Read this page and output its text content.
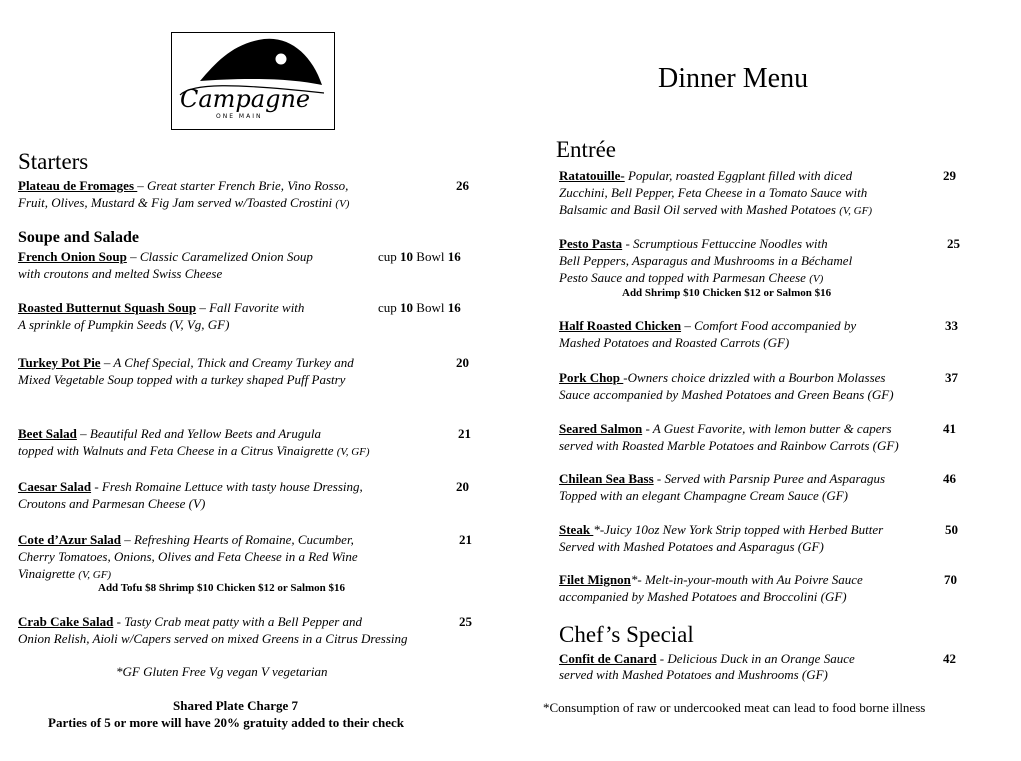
Campagne
ONE MAIN
Dinner Menu
Starters
Plateau de Fromages – Great starter French Brie, Vino Rosso,
Fruit, Olives, Mustard & Fig Jam served w/Toasted Crostini (V)
26
Soupe and Salade
French Onion Soup – Classic Caramelized Onion Soup
with croutons and melted Swiss Cheese
cup 10 Bowl 16
Roasted Butternut Squash Soup – Fall Favorite with
A sprinkle of Pumpkin Seeds (V, Vg, GF)
cup 10 Bowl 16
Turkey Pot Pie – A Chef Special, Thick and Creamy Turkey and
Mixed Vegetable Soup topped with a turkey shaped Puff Pastry
20
Beet Salad – Beautiful Red and Yellow Beets and Arugula
topped with Walnuts and Feta Cheese in a Citrus Vinaigrette (V, GF)
21
Caesar Salad - Fresh Romaine Lettuce with tasty house Dressing,
Croutons and Parmesan Cheese (V)
20
Cote d’Azur Salad – Refreshing Hearts of Romaine, Cucumber,
Cherry Tomatoes, Onions, Olives and Feta Cheese in a Red Wine
Vinaigrette (V, GF)
21
Add Tofu $8 Shrimp $10 Chicken $12 or Salmon $16
Crab Cake Salad - Tasty Crab meat patty with a Bell Pepper and
Onion Relish, Aioli w/Capers served on mixed Greens in a Citrus Dressing
25
*GF Gluten Free Vg vegan V vegetarian
Shared Plate Charge 7
Parties of 5 or more will have 20% gratuity added to their check
Entrée
Ratatouille- Popular, roasted Eggplant filled with diced
Zucchini, Bell Pepper, Feta Cheese in a Tomato Sauce with
Balsamic and Basil Oil served with Mashed Potatoes (V, GF)
29
Pesto Pasta - Scrumptious Fettuccine Noodles with
Bell Peppers, Asparagus and Mushrooms in a Béchamel
Pesto Sauce and topped with Parmesan Cheese (V)
25
Add Shrimp $10 Chicken $12 or Salmon $16
Half Roasted Chicken – Comfort Food accompanied by
Mashed Potatoes and Roasted Carrots (GF)
33
Pork Chop -Owners choice drizzled with a Bourbon Molasses
Sauce accompanied by Mashed Potatoes and Green Beans (GF)
37
Seared Salmon - A Guest Favorite, with lemon butter & capers
served with Roasted Marble Potatoes and Rainbow Carrots (GF)
41
Chilean Sea Bass - Served with Parsnip Puree and Asparagus
Topped with an elegant Champagne Cream Sauce (GF)
46
Steak *-Juicy 10oz New York Strip topped with Herbed Butter
Served with Mashed Potatoes and Asparagus (GF)
50
Filet Mignon*- Melt-in-your-mouth with Au Poivre Sauce
accompanied by Mashed Potatoes and Broccolini (GF)
70
Chef’s Special
Confit de Canard - Delicious Duck in an Orange Sauce
served with Mashed Potatoes and Mushrooms (GF)
42
*Consumption of raw or undercooked meat can lead to food borne illness
